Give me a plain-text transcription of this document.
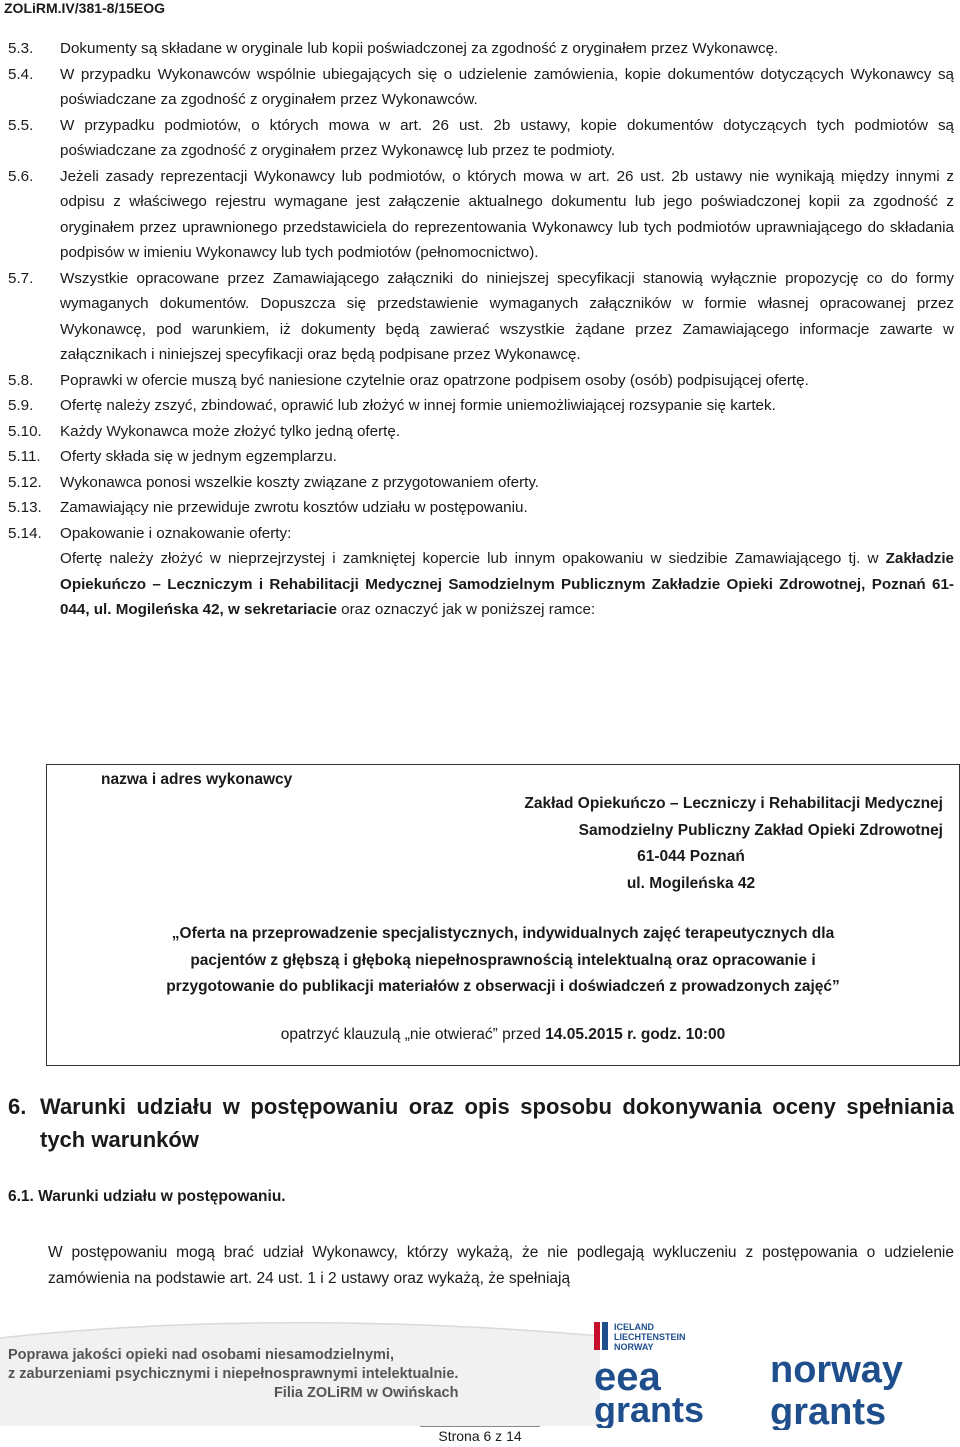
ZOLiRM.IV/381-8/15EOG
5.3. Dokumenty są składane w oryginale lub kopii poświadczonej za zgodność z oryginałem przez Wykonawcę.
5.4. W przypadku Wykonawców wspólnie ubiegających się o udzielenie zamówienia, kopie dokumentów dotyczących Wykonawcy są poświadczane za zgodność z oryginałem przez Wykonawców.
5.5. W przypadku podmiotów, o których mowa w art. 26 ust. 2b ustawy, kopie dokumentów dotyczących tych podmiotów są poświadczane za zgodność z oryginałem przez Wykonawcę lub przez te podmioty.
5.6. Jeżeli zasady reprezentacji Wykonawcy lub podmiotów, o których mowa w art. 26 ust. 2b ustawy nie wynikają między innymi z odpisu z właściwego rejestru wymagane jest załączenie aktualnego dokumentu lub jego poświadczonej kopii za zgodność z oryginałem przez uprawnionego przedstawiciela do reprezentowania Wykonawcy lub tych podmiotów uprawniającego do składania podpisów w imieniu Wykonawcy lub tych podmiotów (pełnomocnictwo).
5.7. Wszystkie opracowane przez Zamawiającego załączniki do niniejszej specyfikacji stanowią wyłącznie propozycję co do formy wymaganych dokumentów. Dopuszcza się przedstawienie wymaganych załączników w formie własnej opracowanej przez Wykonawcę, pod warunkiem, iż dokumenty będą zawierać wszystkie żądane przez Zamawiającego informacje zawarte w załącznikach i niniejszej specyfikacji oraz będą podpisane przez Wykonawcę.
5.8. Poprawki w ofercie muszą być naniesione czytelnie oraz opatrzone podpisem osoby (osób) podpisującej ofertę.
5.9. Ofertę należy zszyć, zbindować, oprawić lub złożyć w innej formie uniemożliwiającej rozsypanie się kartek.
5.10. Każdy Wykonawca może złożyć tylko jedną ofertę.
5.11. Oferty składa się w jednym egzemplarzu.
5.12. Wykonawca ponosi wszelkie koszty związane z przygotowaniem oferty.
5.13. Zamawiający nie przewiduje zwrotu kosztów udziału w postępowaniu.
5.14. Opakowanie i oznakowanie oferty:
Ofertę należy złożyć w nieprzejrzystej i zamkniętej kopercie lub innym opakowaniu w siedzibie Zamawiającego tj. w Zakładzie Opiekuńczo – Leczniczym i Rehabilitacji Medycznej Samodzielnym Publicznym Zakładzie Opieki Zdrowotnej, Poznań 61-044, ul. Mogileńska 42, w sekretariacie oraz oznaczyć jak w poniższej ramce:
nazwa i adres wykonawcy
Zakład Opiekuńczo – Leczniczy i Rehabilitacji Medycznej
Samodzielny Publiczny Zakład Opieki Zdrowotnej
61-044 Poznań
ul. Mogileńska 42
„Oferta na przeprowadzenie specjalistycznych, indywidualnych zajęć terapeutycznych dla
pacjentów z głębszą i głęboką niepełnosprawnością intelektualną oraz opracowanie i
przygotowanie do publikacji materiałów z obserwacji i doświadczeń z prowadzonych zajęć”
opatrzyć klauzulą „nie otwierać” przed 14.05.2015 r. godz. 10:00
6. Warunki udziału w postępowaniu oraz opis sposobu dokonywania oceny spełniania tych warunków
6.1. Warunki udziału w postępowaniu.
W postępowaniu mogą brać udział Wykonawcy, którzy wykażą, że nie podlegają wykluczeniu z postępowania o udzielenie zamówienia na podstawie art. 24 ust. 1 i 2 ustawy oraz wykażą, że spełniają
Poprawa jakości opieki nad osobami niesamodzielnymi,
z zaburzeniami psychicznymi i niepełnosprawnymi intelektualnie.
Filia ZOLiRM w Owińskach
ICELAND
LIECHTENSTEIN
NORWAY
eea
grants
norway
grants
Strona 6 z 14
